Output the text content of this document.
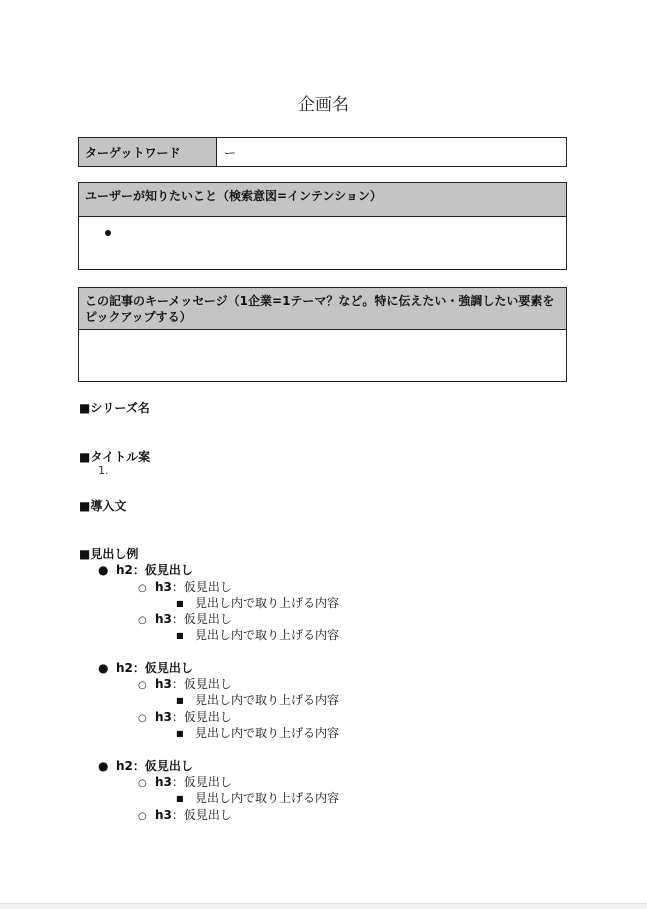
企画名
ターゲットワード	ー
ユーザーが知りたいこと（検索意図=インテンション）
この記事のキーメッセージ（1企業=1テーマ？など。特に伝えたい・強調したい要素をピックアップする）
■シリーズ名
■タイトル案
1.
■導入文
■見出し例
● h2：仮見出し
○ h3：仮見出し
■ 見出し内で取り上げる内容
○ h3：仮見出し
■ 見出し内で取り上げる内容
● h2：仮見出し
○ h3：仮見出し
■ 見出し内で取り上げる内容
○ h3：仮見出し
■ 見出し内で取り上げる内容
● h2：仮見出し
○ h3：仮見出し
■ 見出し内で取り上げる内容
○ h3：仮見出し
